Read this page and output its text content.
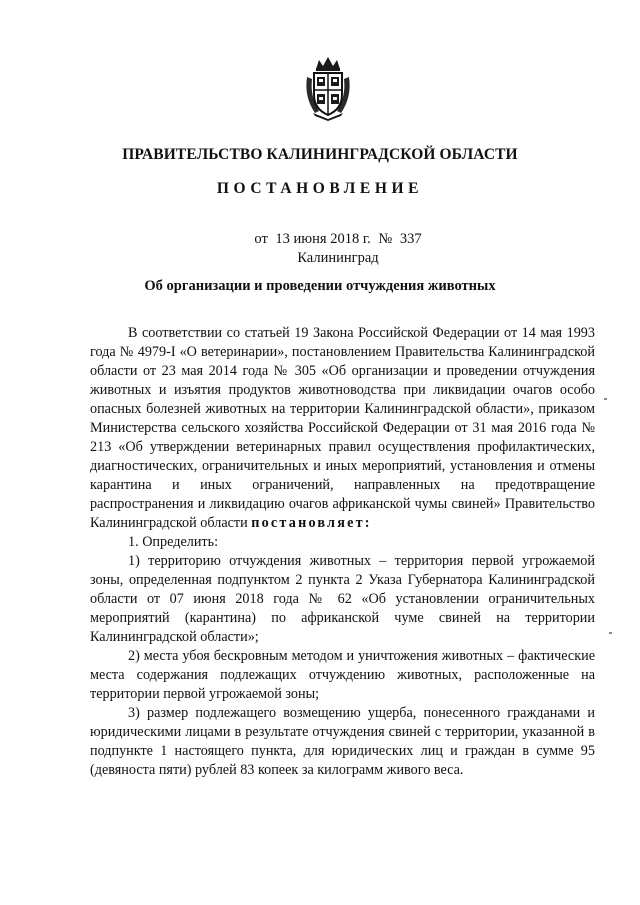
ПРАВИТЕЛЬСТВО КАЛИНИНГРАДСКОЙ ОБЛАСТИ
ПОСТАНОВЛЕНИЕ
от 13 июня 2018 г. № 337
Калининград
Об организации и проведении отчуждения животных

В соответствии со статьей 19 Закона Российской Федерации от 14 мая 1993 года № 4979-I «О ветеринарии», постановлением Правительства Калининградской области от 23 мая 2014 года № 305 «Об организации и проведении отчуждения животных и изъятия продуктов животноводства при ликвидации очагов особо опасных болезней животных на территории Калининградской области», приказом Министерства сельского хозяйства Российской Федерации от 31 мая 2016 года № 213 «Об утверждении ветеринарных правил осуществления профилактических, диагностических, ограничительных и иных мероприятий, установления и отмены карантина и иных ограничений, направленных на предотвращение распространения и ликвидацию очагов африканской чумы свиней» Правительство Калининградской области постановляет:

1. Определить:

1) территорию отчуждения животных – территория первой угрожаемой зоны, определенная подпунктом 2 пункта 2 Указа Губернатора Калининградской области от 07 июня 2018 года № 62 «Об установлении ограничительных мероприятий (карантина) по африканской чуме свиней на территории Калининградской области»;

2) места убоя бескровным методом и уничтожения животных – фактические места содержания подлежащих отчуждению животных, расположенные на территории первой угрожаемой зоны;

3) размер подлежащего возмещению ущерба, понесенного гражданами и юридическими лицами в результате отчуждения свиней с территории, указанной в подпункте 1 настоящего пункта, для юридических лиц и граждан в сумме 95 (девяноста пяти) рублей 83 копеек за килограмм живого веса.
